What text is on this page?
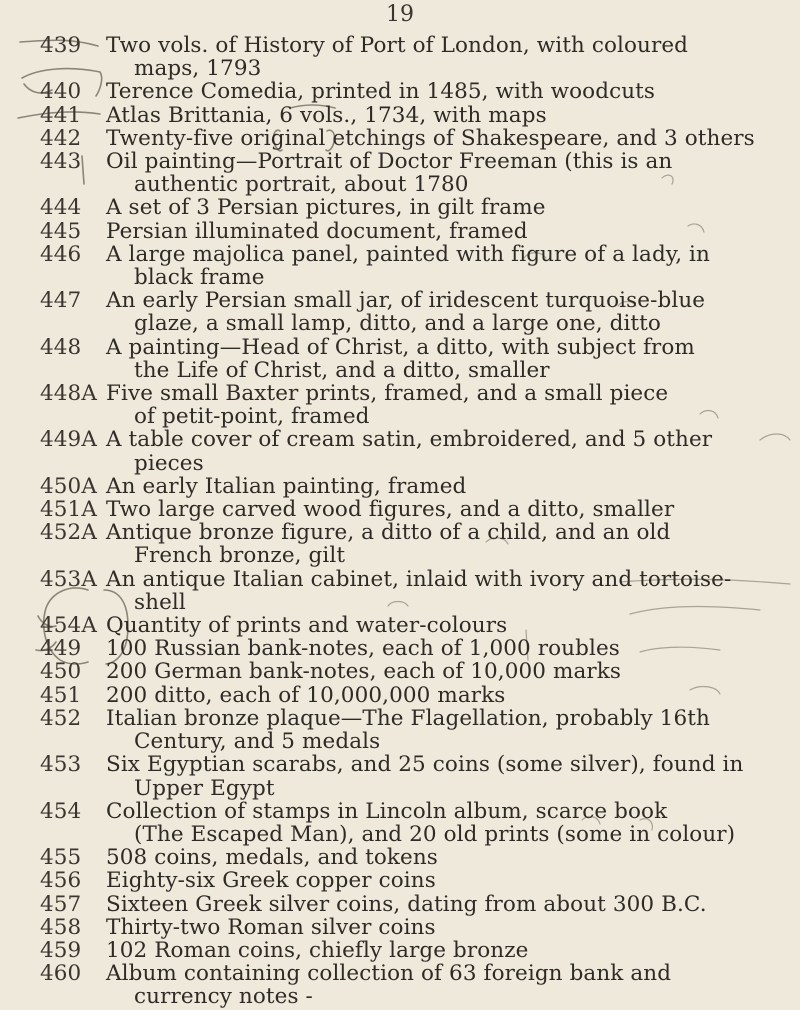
19
439	Two vols. of History of Port of London, with coloured
maps, 1793
440	Terence Comedia, printed in 1485, with woodcuts
441	Atlas Brittania, 6 vols., 1734, with maps
442	Twenty-five original etchings of Shakespeare, and 3 others
443	Oil painting—Portrait of Doctor Freeman (this is an
authentic portrait, about 1780
444	A set of 3 Persian pictures, in gilt frame
445	Persian illuminated document, framed
446	A large majolica panel, painted with figure of a lady, in
black frame
447	An early Persian small jar, of iridescent turquoise-blue
glaze, a small lamp, ditto, and a large one, ditto
448	A painting—Head of Christ, a ditto, with subject from
the Life of Christ, and a ditto, smaller
448A Five small Baxter prints, framed, and a small piece
of petit-point, framed
449A A table cover of cream satin, embroidered, and 5 other
pieces
450A An early Italian painting, framed
451A Two large carved wood figures, and a ditto, smaller
452A Antique bronze figure, a ditto of a child, and an old
French bronze, gilt
453A An antique Italian cabinet, inlaid with ivory and tortoise-
shell
454A Quantity of prints and water-colours
449	100 Russian bank-notes, each of 1,000 roubles
450	200 German bank-notes, each of 10,000 marks
451	200 ditto, each of 10,000,000 marks
452	Italian bronze plaque—The Flagellation, probably 16th
Century, and 5 medals
453	Six Egyptian scarabs, and 25 coins (some silver), found in
Upper Egypt
454	Collection of stamps in Lincoln album, scarce book
(The Escaped Man), and 20 old prints (some in colour)
455	508 coins, medals, and tokens
456	Eighty-six Greek copper coins
457	Sixteen Greek silver coins, dating from about 300 B.C.
458	Thirty-two Roman silver coins
459	102 Roman coins, chiefly large bronze
460	Album containing collection of 63 foreign bank and
currency notes -
